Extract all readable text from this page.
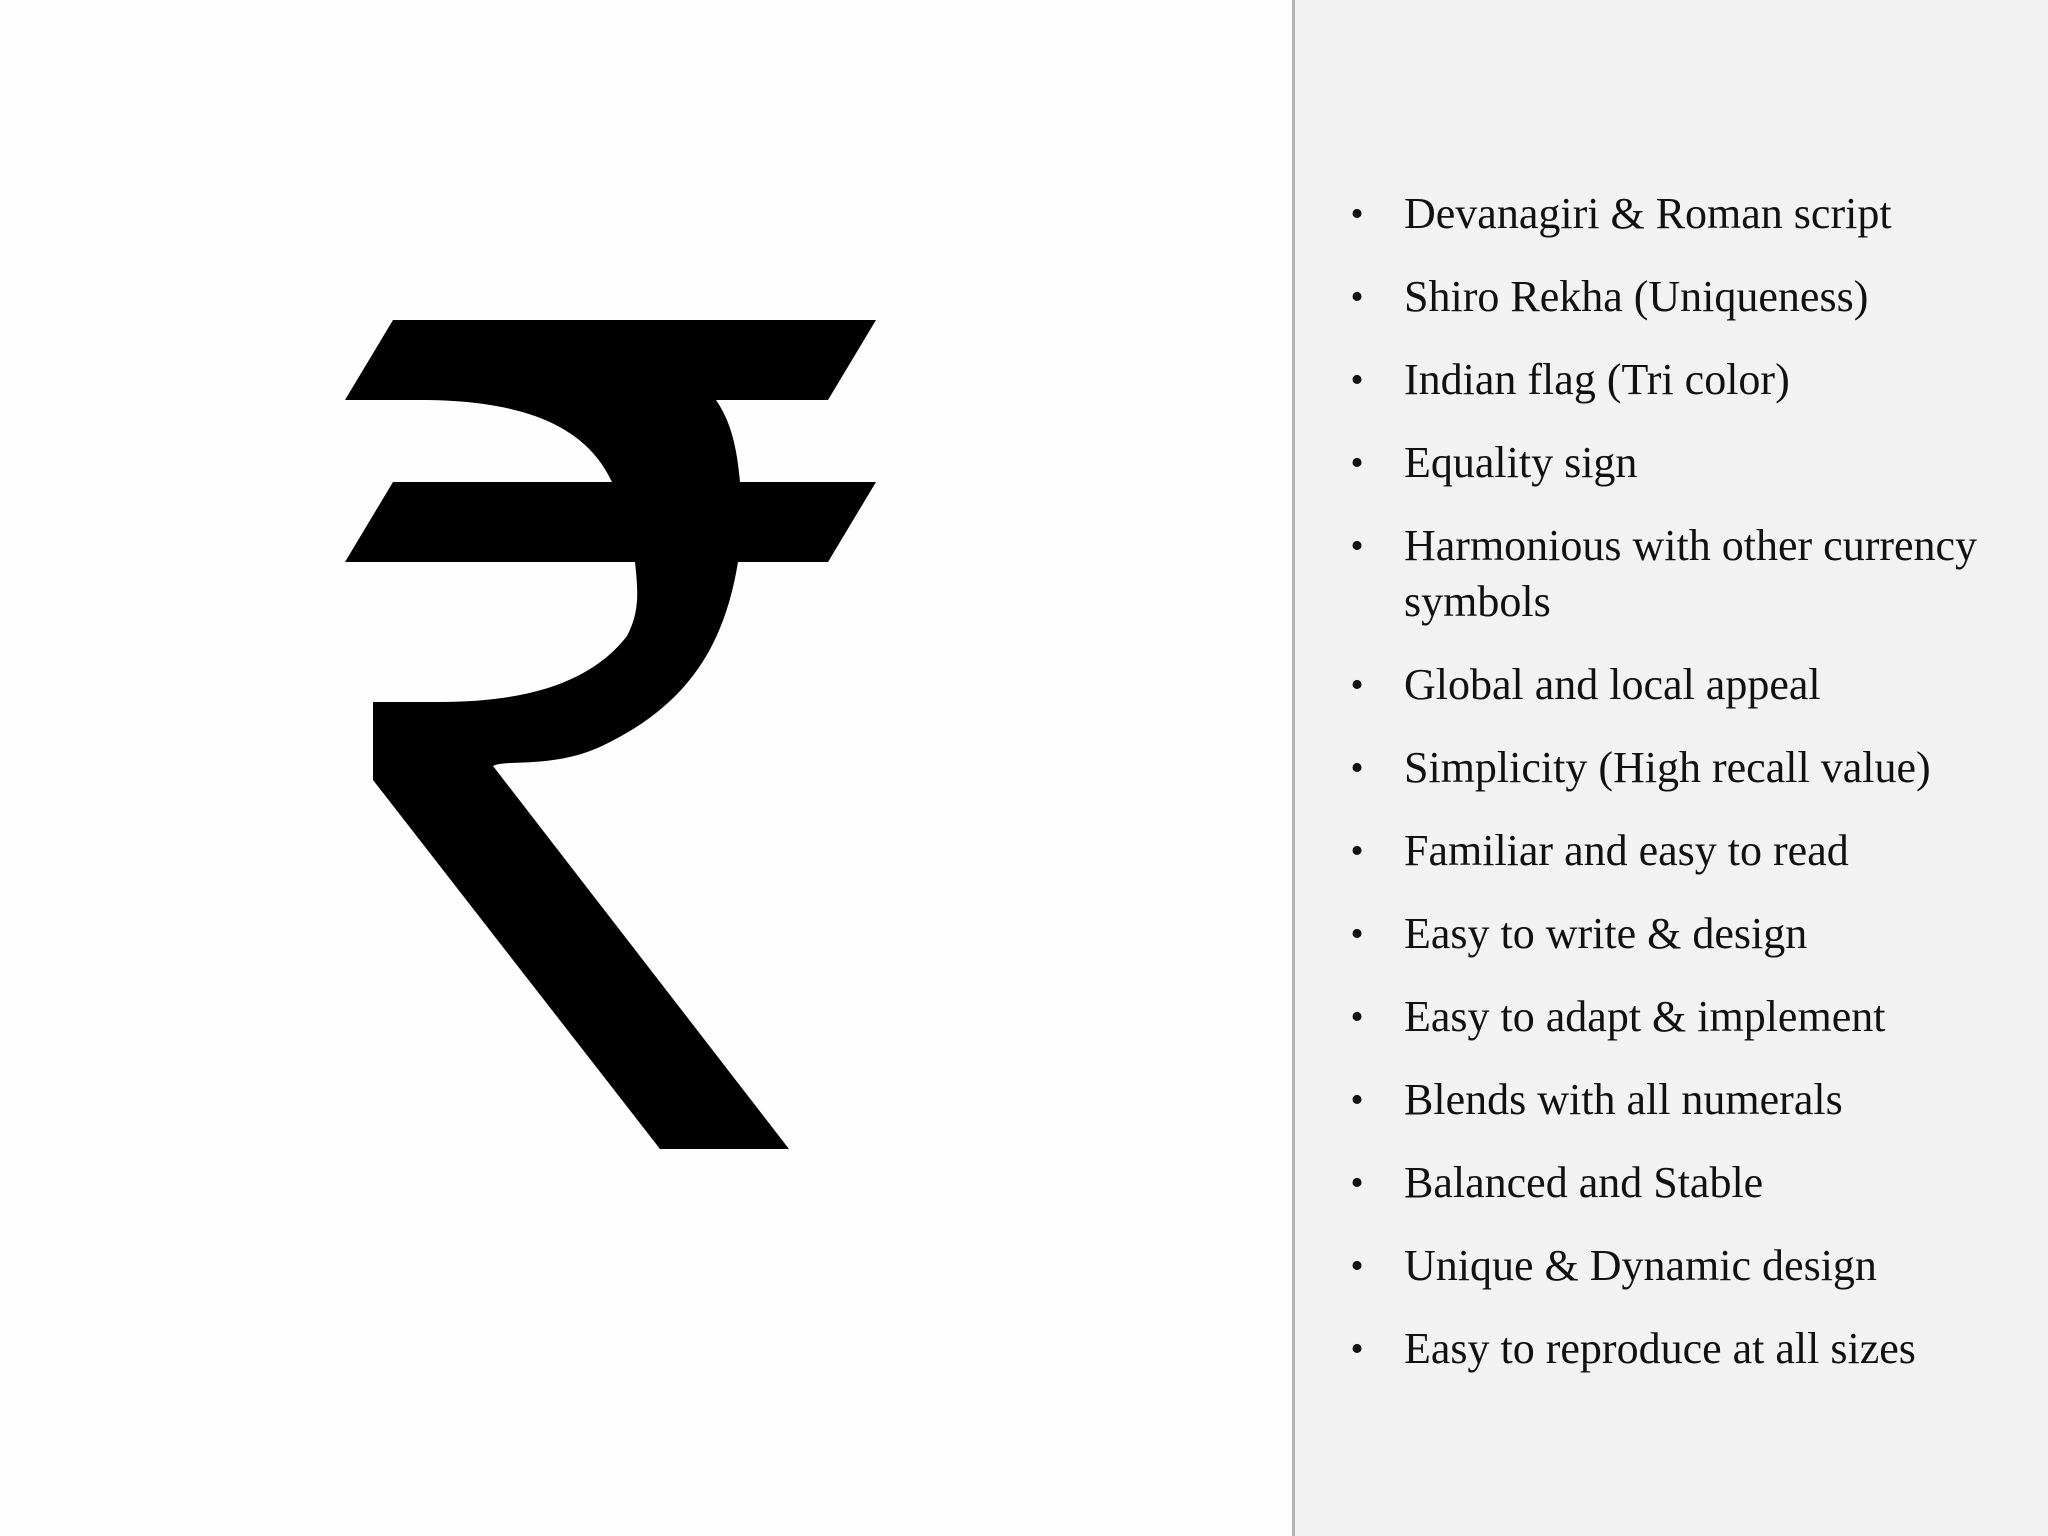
• Devanagiri & Roman script
• Shiro Rekha (Uniqueness)
• Indian flag (Tri color)
• Equality sign
• Harmonious with other currency symbols
• Global and local appeal
• Simplicity (High recall value)
• Familiar and easy to read
• Easy to write & design
• Easy to adapt & implement
• Blends with all numerals
• Balanced and Stable
• Unique & Dynamic design
• Easy to reproduce at all sizes
